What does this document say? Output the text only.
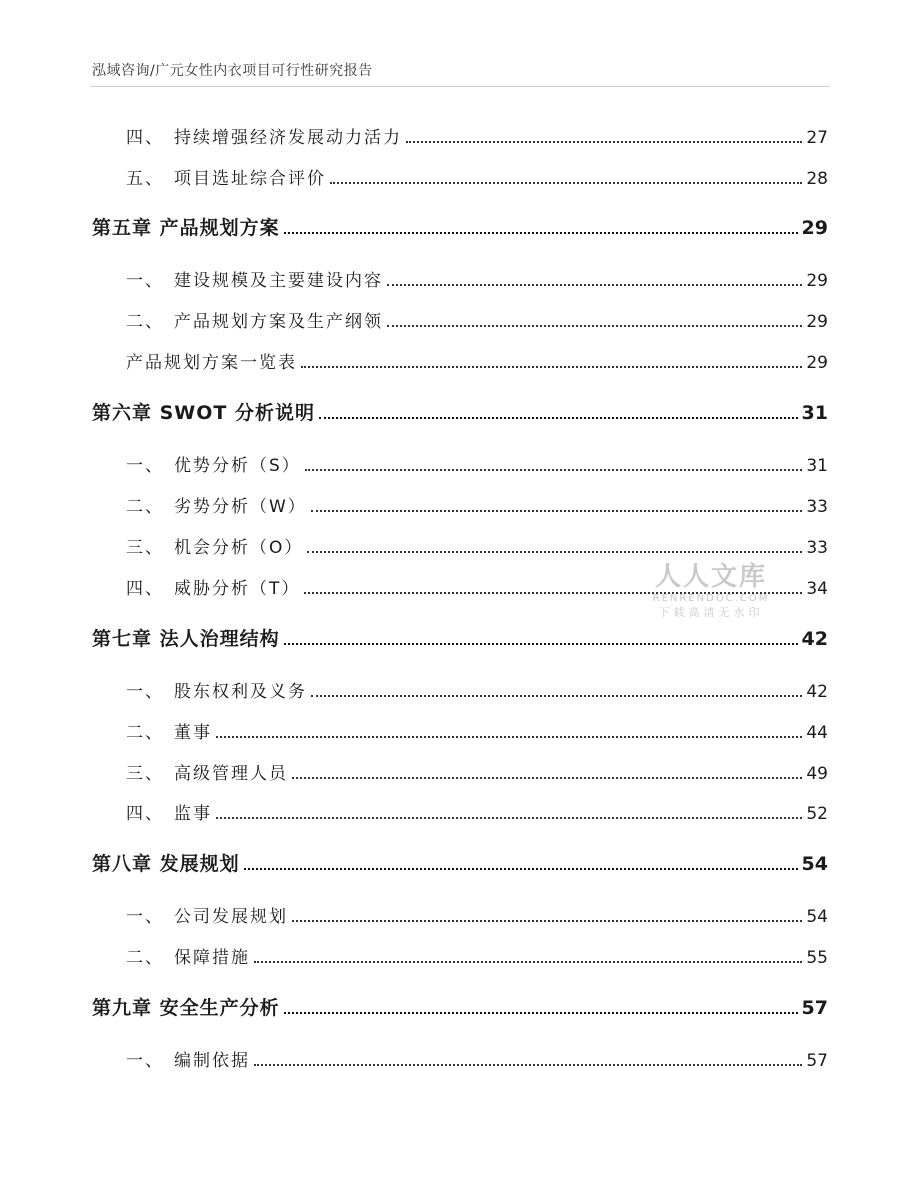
泓域咨询/广元女性内衣项目可行性研究报告
四、 持续增强经济发展动力活力	27
五、 项目选址综合评价	28
第五章 产品规划方案	29
一、 建设规模及主要建设内容	29
二、 产品规划方案及生产纲领	29
产品规划方案一览表	29
第六章 SWOT 分析说明	31
一、 优势分析（S）	31
二、 劣势分析（W）	33
三、 机会分析（O）	33
四、 威胁分析（T）	34
第七章 法人治理结构	42
一、 股东权利及义务	42
二、 董事	44
三、 高级管理人员	49
四、 监事	52
第八章 发展规划	54
一、 公司发展规划	54
二、 保障措施	55
第九章 安全生产分析	57
一、 编制依据	57
人人文库
RENRENDOC.COM
下载高清无水印
